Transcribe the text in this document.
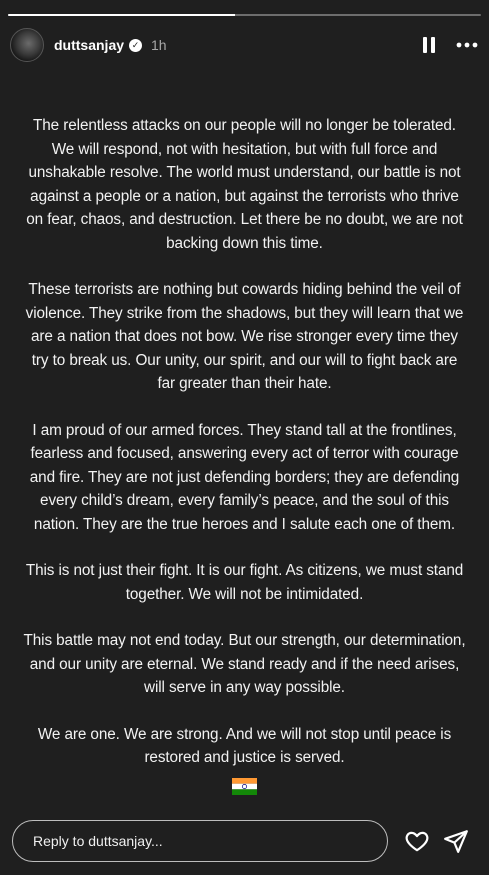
duttsanjay ✓ 1h

The relentless attacks on our people will no longer be tolerated. We will respond, not with hesitation, but with full force and unshakable resolve. The world must understand, our battle is not against a people or a nation, but against the terrorists who thrive on fear, chaos, and destruction. Let there be no doubt, we are not backing down this time.

These terrorists are nothing but cowards hiding behind the veil of violence. They strike from the shadows, but they will learn that we are a nation that does not bow. We rise stronger every time they try to break us. Our unity, our spirit, and our will to fight back are far greater than their hate.

I am proud of our armed forces. They stand tall at the frontlines, fearless and focused, answering every act of terror with courage and fire. They are not just defending borders; they are defending every child’s dream, every family’s peace, and the soul of this nation. They are the true heroes and I salute each one of them.

This is not just their fight. It is our fight. As citizens, we must stand together. We will not be intimidated.

This battle may not end today. But our strength, our determination, and our unity are eternal. We stand ready and if the need arises, will serve in any way possible.

We are one. We are strong. And we will not stop until peace is restored and justice is served.

Reply to duttsanjay...
